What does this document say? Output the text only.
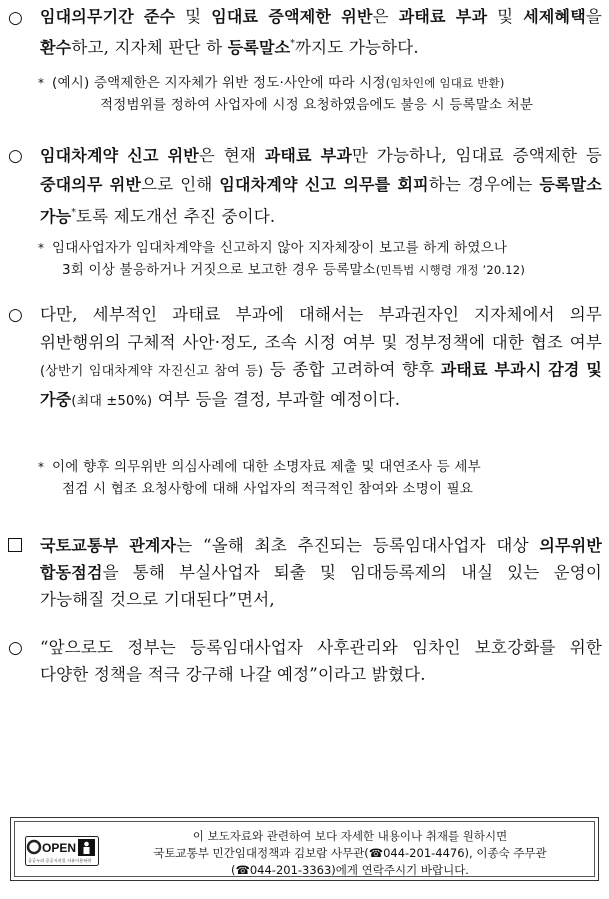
○ 임대의무기간 준수 및 임대료 증액제한 위반은 과태료 부과 및 세제혜택을 환수하고, 지자체 판단 하 등록말소*까지도 가능하다.
* (예시) 증액제한은 지자체가 위반 정도·사안에 따라 시정(임차인에 임대료 반환)
적정범위를 정하여 사업자에 시정 요청하였음에도 불응 시 등록말소 처분
○ 임대차계약 신고 위반은 현재 과태료 부과만 가능하나, 임대료 증액제한 등 중대의무 위반으로 인해 임대차계약 신고 의무를 회피하는 경우에는 등록말소 가능*토록 제도개선 추진 중이다.
* 임대사업자가 임대차계약을 신고하지 않아 지자체장이 보고를 하게 하였으나
3회 이상 불응하거나 거짓으로 보고한 경우 등록말소(민특법 시행령 개정 ’20.12)
○ 다만, 세부적인 과태료 부과에 대해서는 부과권자인 지자체에서 의무 위반행위의 구체적 사안·정도, 조속 시정 여부 및 정부정책에 대한 협조 여부(상반기 임대차계약 자진신고 참여 등) 등 종합 고려하여 향후 과태료 부과시 감경 및 가중(최대 ±50%) 여부 등을 결정, 부과할 예정이다.
* 이에 향후 의무위반 의심사례에 대한 소명자료 제출 및 대연조사 등 세부
점검 시 협조 요청사항에 대해 사업자의 적극적인 참여와 소명이 필요
국토교통부 관계자는 “올해 최초 추진되는 등록임대사업자 대상 의무위반 합동점검을 통해 부실사업자 퇴출 및 임대등록제의 내실 있는 운영이 가능해질 것으로 기대된다”면서,
○ “앞으로도 정부는 등록임대사업자 사후관리와 임차인 보호강화를 위한 다양한 정책을 적극 강구해 나갈 예정”이라고 밝혔다.
OPEN
공공누리 공공저작물 자유이용허락
이 보도자료와 관련하여 보다 자세한 내용이나 취재를 원하시면
국토교통부 민간임대정책과 김보람 사무관(☎044-201-4476), 이종숙 주무관
(☎044-201-3363)에게 연락주시기 바랍니다.
